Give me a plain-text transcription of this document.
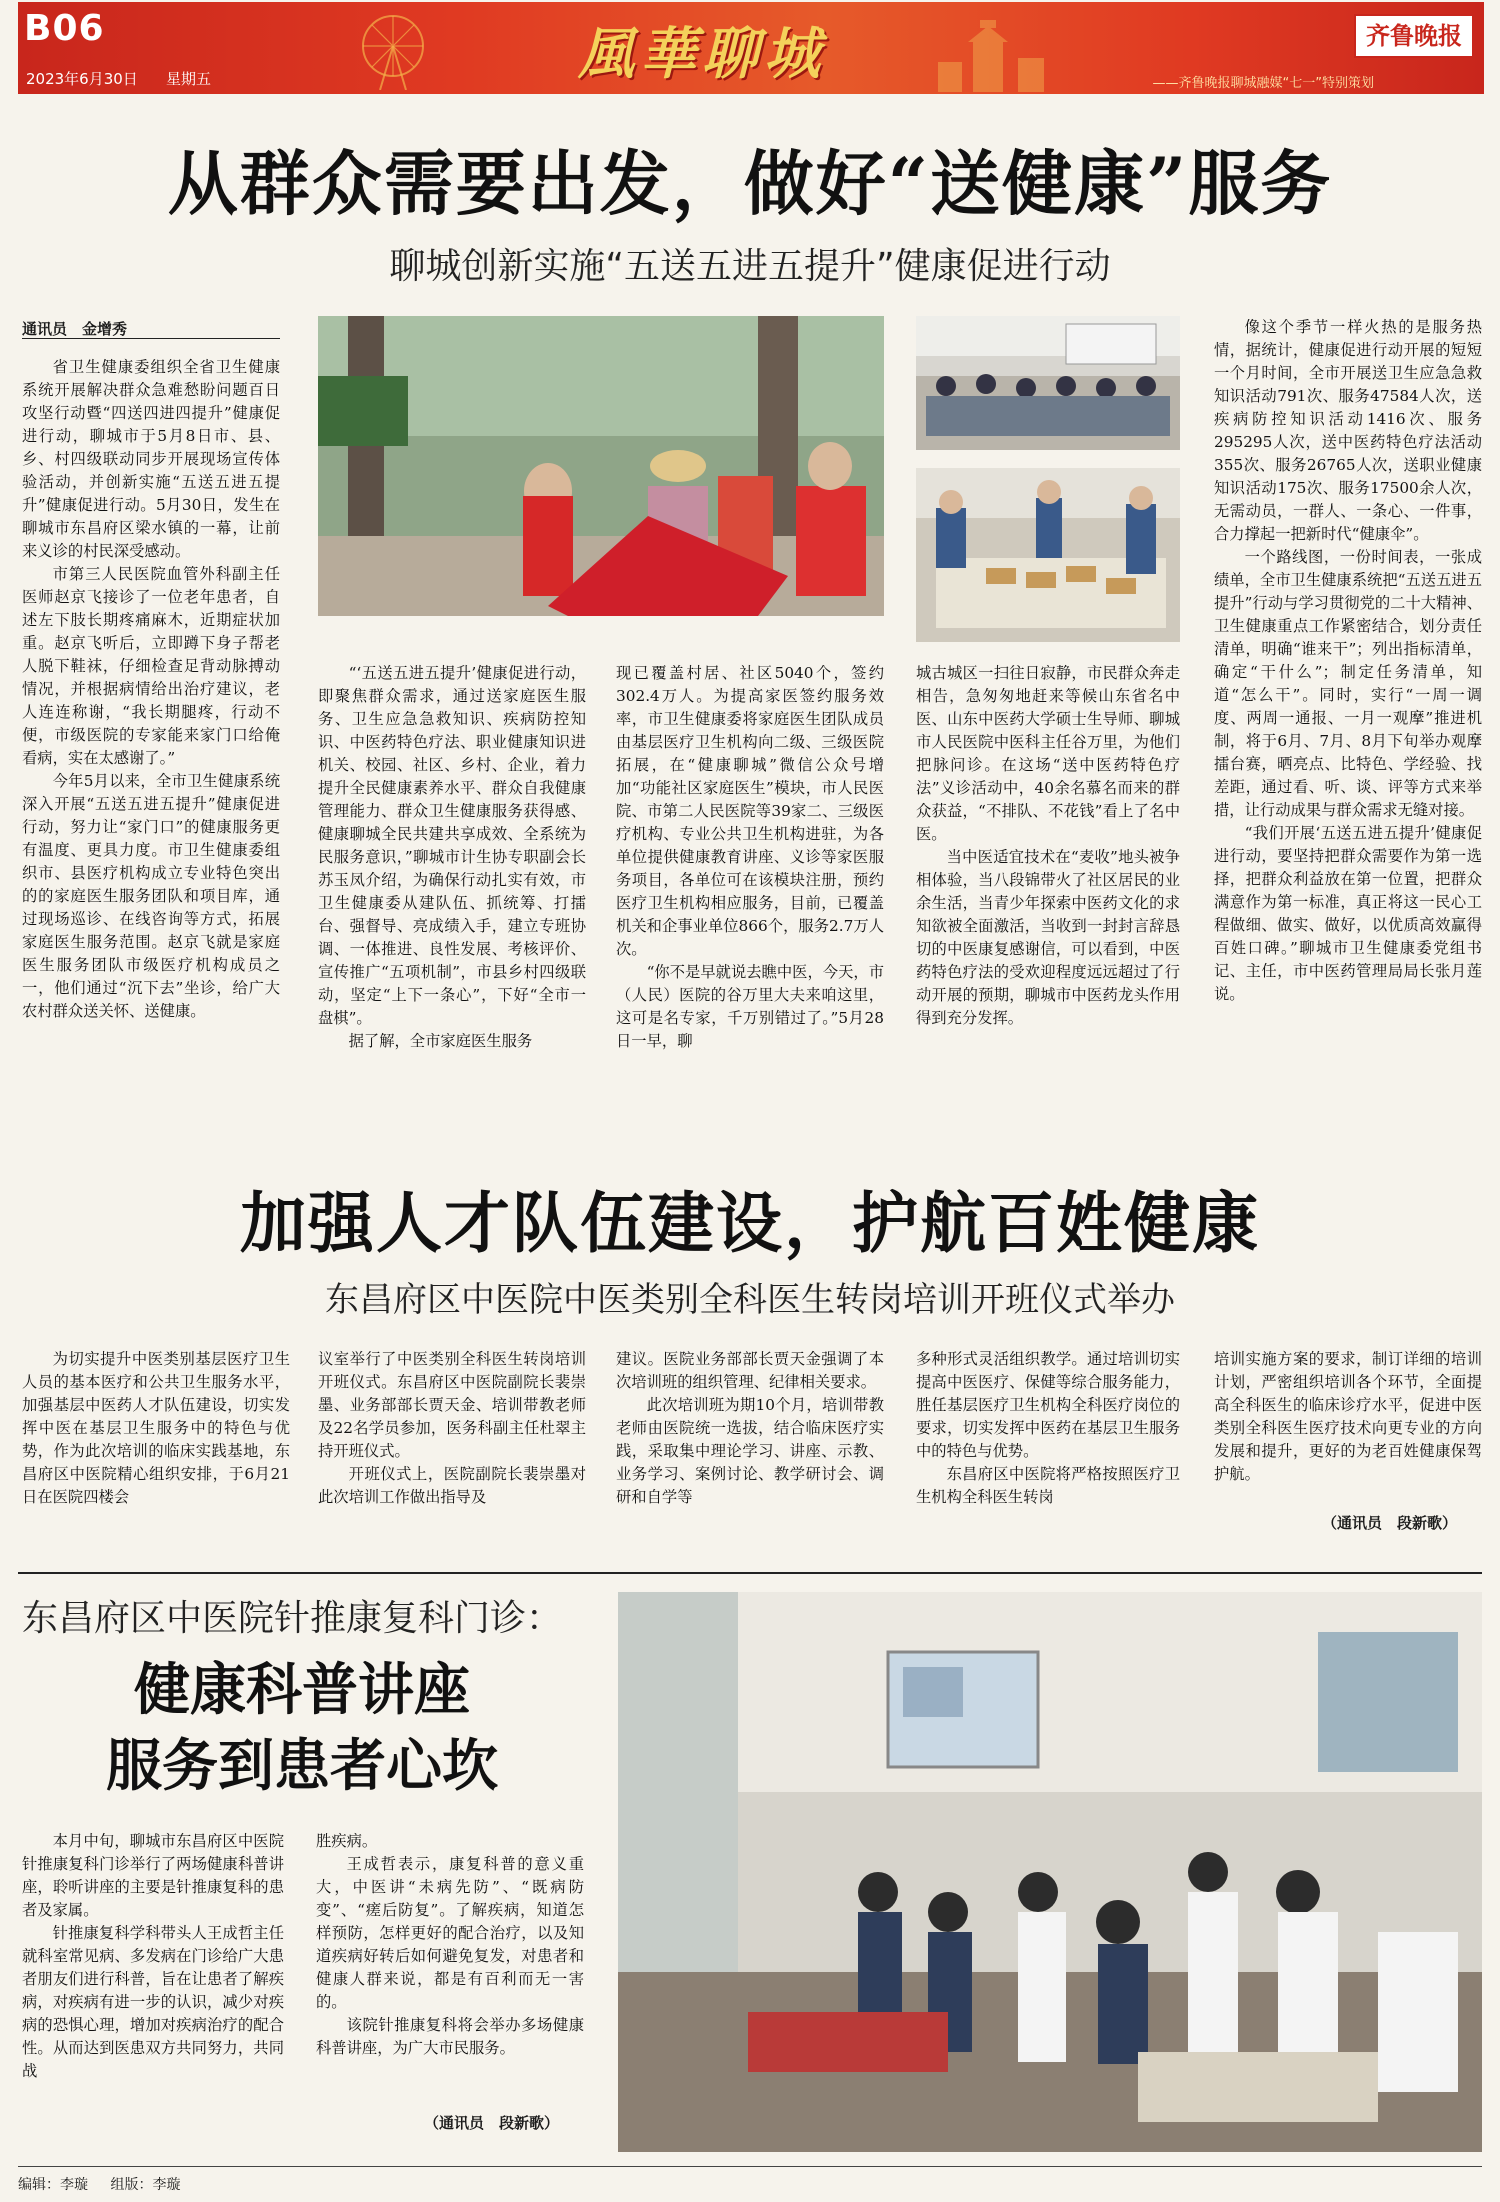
B06
2023年6月30日 星期五	風華聊城	——齐鲁晚报聊城融媒“七一”特别策划
齐鲁晚报
从群众需要出发，做好“送健康”服务
聊城创新实施“五送五进五提升”健康促进行动
通讯员　金增秀

省卫生健康委组织全省卫生健康系统开展解决群众急难愁盼问题百日攻坚行动暨“四送四进四提升”健康促进行动，聊城市于5月8日市、县、乡、村四级联动同步开展现场宣传体验活动，并创新实施“五送五进五提升”健康促进行动。5月30日，发生在聊城市东昌府区梁水镇的一幕，让前来义诊的村民深受感动。

市第三人民医院血管外科副主任医师赵京飞接诊了一位老年患者，自述左下肢长期疼痛麻木，近期症状加重。赵京飞听后，立即蹲下身子帮老人脱下鞋袜，仔细检查足背动脉搏动情况，并根据病情给出治疗建议，老人连连称谢，“我长期腿疼，行动不便，市级医院的专家能来家门口给俺看病，实在太感谢了。”

今年5月以来，全市卫生健康系统深入开展“五送五进五提升”健康促进行动，努力让“家门口”的健康服务更有温度、更具力度。市卫生健康委组织市、县医疗机构成立专业特色突出的的家庭医生服务团队和项目库，通过现场巡诊、在线咨询等方式，拓展家庭医生服务范围。赵京飞就是家庭医生服务团队市级医疗机构成员之一，他们通过“沉下去”坐诊，给广大农村群众送关怀、送健康。

“‘五送五进五提升’健康促进行动，即聚焦群众需求，通过送家庭医生服务、卫生应急急救知识、疾病防控知识、中医药特色疗法、职业健康知识进机关、校园、社区、乡村、企业，着力提升全民健康素养水平、群众自我健康管理能力、群众卫生健康服务获得感、健康聊城全民共建共享成效、全系统为民服务意识，”聊城市计生协专职副会长苏玉凤介绍，为确保行动扎实有效，市卫生健康委从建队伍、抓统筹、打擂台、强督导、亮成绩入手，建立专班协调、一体推进、良性发展、考核评价、宣传推广“五项机制”，市县乡村四级联动，坚定“上下一条心”，下好“全市一盘棋”。

据了解，全市家庭医生服务

现已覆盖村居、社区5040个，签约302.4万人。为提高家医签约服务效率，市卫生健康委将家庭医生团队成员由基层医疗卫生机构向二级、三级医院拓展，在“健康聊城”微信公众号增加“功能社区家庭医生”模块，市人民医院、市第二人民医院等39家二、三级医疗机构、专业公共卫生机构进驻，为各单位提供健康教育讲座、义诊等家医服务项目，各单位可在该模块注册，预约医疗卫生机构相应服务，目前，已覆盖机关和企事业单位866个，服务2.7万人次。

“你不是早就说去瞧中医，今天，市（人民）医院的谷万里大夫来咱这里，这可是名专家，千万别错过了。”5月28日一早，聊

城古城区一扫往日寂静，市民群众奔走相告，急匆匆地赶来等候山东省名中医、山东中医药大学硕士生导师、聊城市人民医院中医科主任谷万里，为他们把脉问诊。在这场“送中医药特色疗法”义诊活动中，40余名慕名而来的群众获益，“不排队、不花钱”看上了名中医。

当中医适宜技术在“麦收”地头被争相体验，当八段锦带火了社区居民的业余生活，当青少年探索中医药文化的求知欲被全面激活，当收到一封封言辞恳切的中医康复感谢信，可以看到，中医药特色疗法的受欢迎程度远远超过了行动开展的预期，聊城市中医药龙头作用得到充分发挥。

像这个季节一样火热的是服务热情，据统计，健康促进行动开展的短短一个月时间，全市开展送卫生应急急救知识活动791次、服务47584人次，送疾病防控知识活动1416次、服务295295人次，送中医药特色疗法活动355次、服务26765人次，送职业健康知识活动175次、服务17500余人次，无需动员，一群人、一条心、一件事，合力撑起一把新时代“健康伞”。

一个路线图，一份时间表，一张成绩单，全市卫生健康系统把“五送五进五提升”行动与学习贯彻党的二十大精神、卫生健康重点工作紧密结合，划分责任清单，明确“谁来干”；列出指标清单，确定“干什么”；制定任务清单，知道“怎么干”。同时，实行“一周一调度、两周一通报、一月一观摩”推进机制，将于6月、7月、8月下旬举办观摩擂台赛，晒亮点、比特色、学经验、找差距，通过看、听、谈、评等方式来举措，让行动成果与群众需求无缝对接。

“我们开展‘五送五进五提升’健康促进行动，要坚持把群众需要作为第一选择，把群众利益放在第一位置，把群众满意作为第一标准，真正将这一民心工程做细、做实、做好，以优质高效赢得百姓口碑。”聊城市卫生健康委党组书记、主任，市中医药管理局局长张月莲说。

加强人才队伍建设，护航百姓健康
东昌府区中医院中医类别全科医生转岗培训开班仪式举办

为切实提升中医类别基层医疗卫生人员的基本医疗和公共卫生服务水平，加强基层中医药人才队伍建设，切实发挥中医在基层卫生服务中的特色与优势，作为此次培训的临床实践基地，东昌府区中医院精心组织安排，于6月21日在医院四楼会

议室举行了中医类别全科医生转岗培训开班仪式。东昌府区中医院副院长裴崇墨、业务部部长贾天金、培训带教老师及22名学员参加，医务科副主任杜翠主持开班仪式。

开班仪式上，医院副院长裴崇墨对此次培训工作做出指导及

建议。医院业务部部长贾天金强调了本次培训班的组织管理、纪律相关要求。

此次培训班为期10个月，培训带教老师由医院统一选拔，结合临床医疗实践，采取集中理论学习、讲座、示教、业务学习、案例讨论、教学研讨会、调研和自学等

多种形式灵活组织教学。通过培训切实提高中医医疗、保健等综合服务能力，胜任基层医疗卫生机构全科医疗岗位的要求，切实发挥中医药在基层卫生服务中的特色与优势。

东昌府区中医院将严格按照医疗卫生机构全科医生转岗

培训实施方案的要求，制订详细的培训计划，严密组织培训各个环节，全面提高全科医生的临床诊疗水平，促进中医类别全科医生医疗技术向更专业的方向发展和提升，更好的为老百姓健康保驾护航。

（通讯员　段新歌）
东昌府区中医院针推康复科门诊：
健康科普讲座
服务到患者心坎

本月中旬，聊城市东昌府区中医院针推康复科门诊举行了两场健康科普讲座，聆听讲座的主要是针推康复科的患者及家属。

针推康复科学科带头人王成哲主任就科室常见病、多发病在门诊给广大患者朋友们进行科普，旨在让患者了解疾病，对疾病有进一步的认识，减少对疾病的恐惧心理，增加对疾病治疗的配合性。从而达到医患双方共同努力，共同战

胜疾病。

王成哲表示，康复科普的意义重大，中医讲“未病先防”、“既病防变”、“瘥后防复”。了解疾病，知道怎样预防，怎样更好的配合治疗，以及知道疾病好转后如何避免复发，对患者和健康人群来说，都是有百利而无一害的。

该院针推康复科将会举办多场健康科普讲座，为广大市民服务。

（通讯员　段新歌）
编辑：李璇 组版：李璇
